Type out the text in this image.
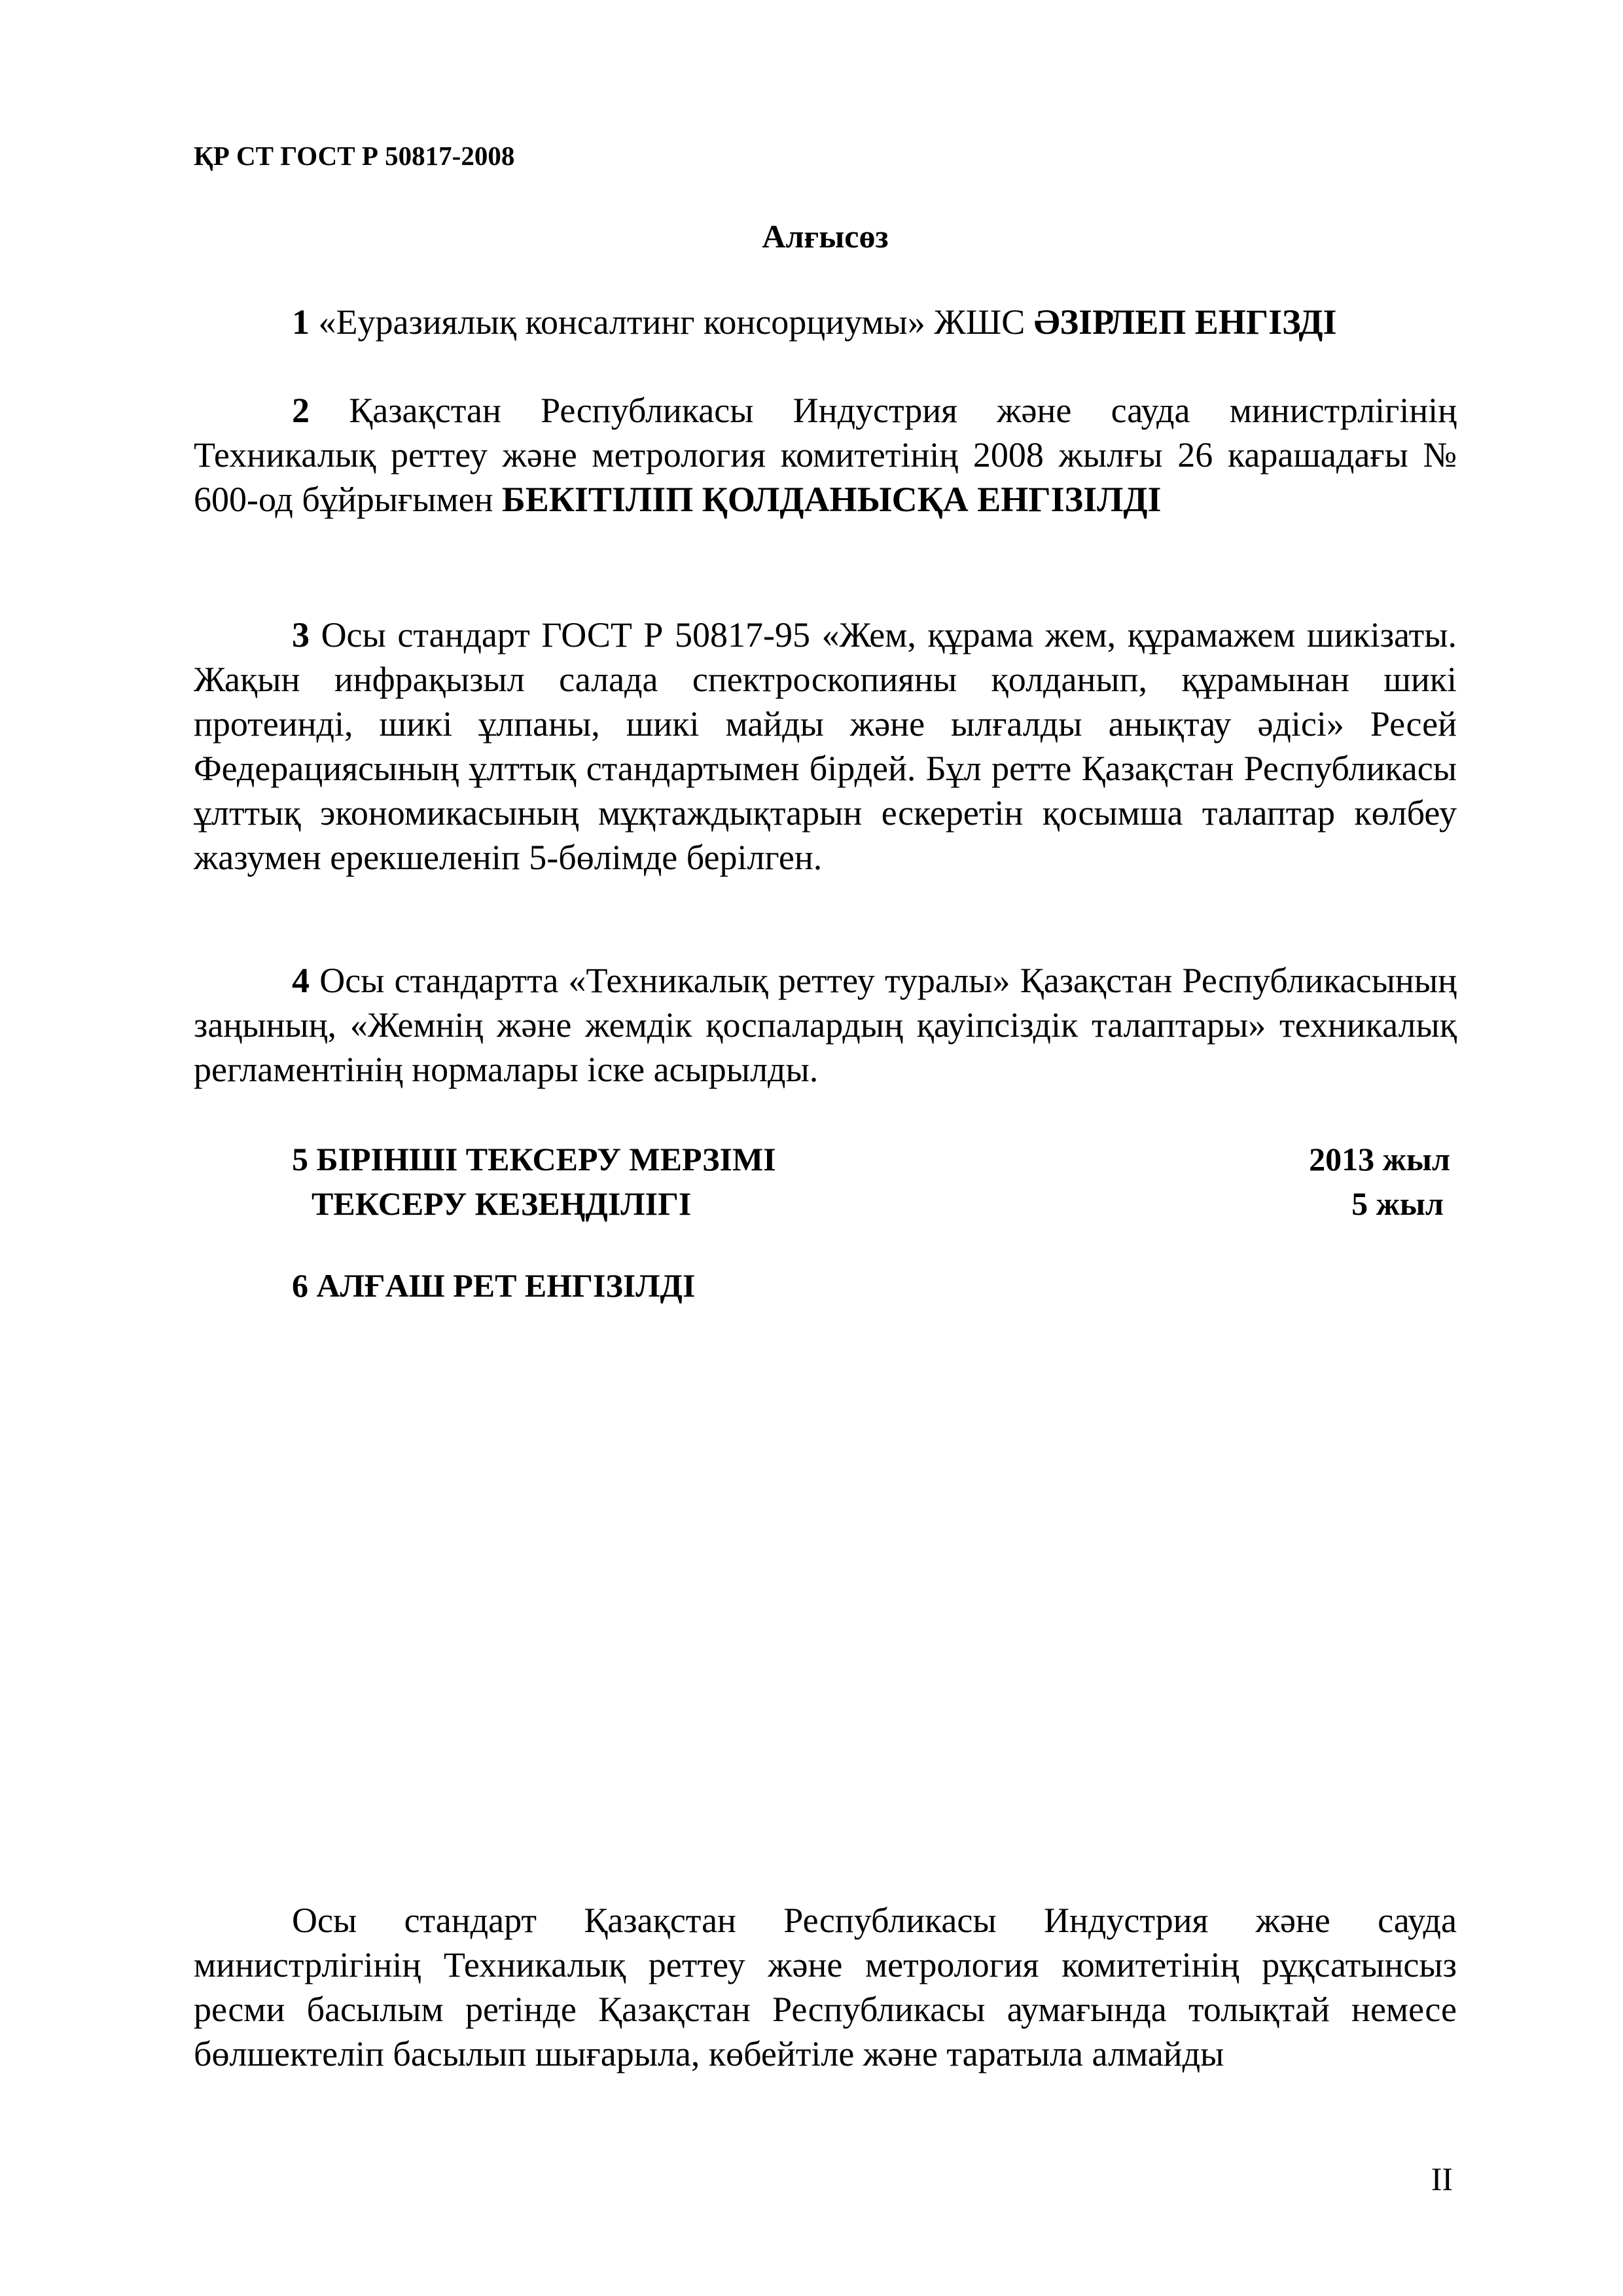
ҚР СТ ГОСТ Р 50817-2008
Алғысөз
1 «Еуразиялық консалтинг консорциумы» ЖШС ӘЗІРЛЕП ЕНГІЗДІ
2 Қазақстан Республикасы Индустрия және сауда министрлігінің Техникалық реттеу және метрология комитетінің 2008 жылғы 26 карашадағы № 600-од бұйрығымен БЕКІТІЛІП ҚОЛДАНЫСҚА ЕНГІЗІЛДІ
3 Осы стандарт ГОСТ Р 50817-95 «Жем, құрама жем, құрамажем шикізаты. Жақын инфрақызыл салада спектроскопияны қолданып, құрамынан шикі протеинді, шикі ұлпаны, шикі майды және ылғалды анықтау әдісі» Ресей Федерациясының ұлттық стандартымен бірдей. Бұл ретте Қазақстан Республикасы ұлттық экономикасының мұқтаждықтарын ескеретін қосымша талаптар көлбеу жазумен ерекшеленіп 5-бөлімде берілген.
4 Осы стандартта «Техникалық реттеу туралы» Қазақстан Республикасының заңының, «Жемнің және жемдік қоспалардың қауіпсіздік талаптары» техникалық регламентінің нормалары іске асырылды.
5 БІРІНШІ ТЕКСЕРУ МЕРЗІМІ	2013 жыл
ТЕКСЕРУ КЕЗЕҢДІЛІГІ	5 жыл
6 АЛҒАШ РЕТ ЕНГІЗІЛДІ
Осы стандарт Қазақстан Республикасы Индустрия және сауда министрлігінің Техникалық реттеу және метрология комитетінің рұқсатынсыз ресми басылым ретінде Қазақстан Республикасы аумағында толықтай немесе бөлшектеліп басылып шығарыла, көбейтіле және таратыла алмайды
II
